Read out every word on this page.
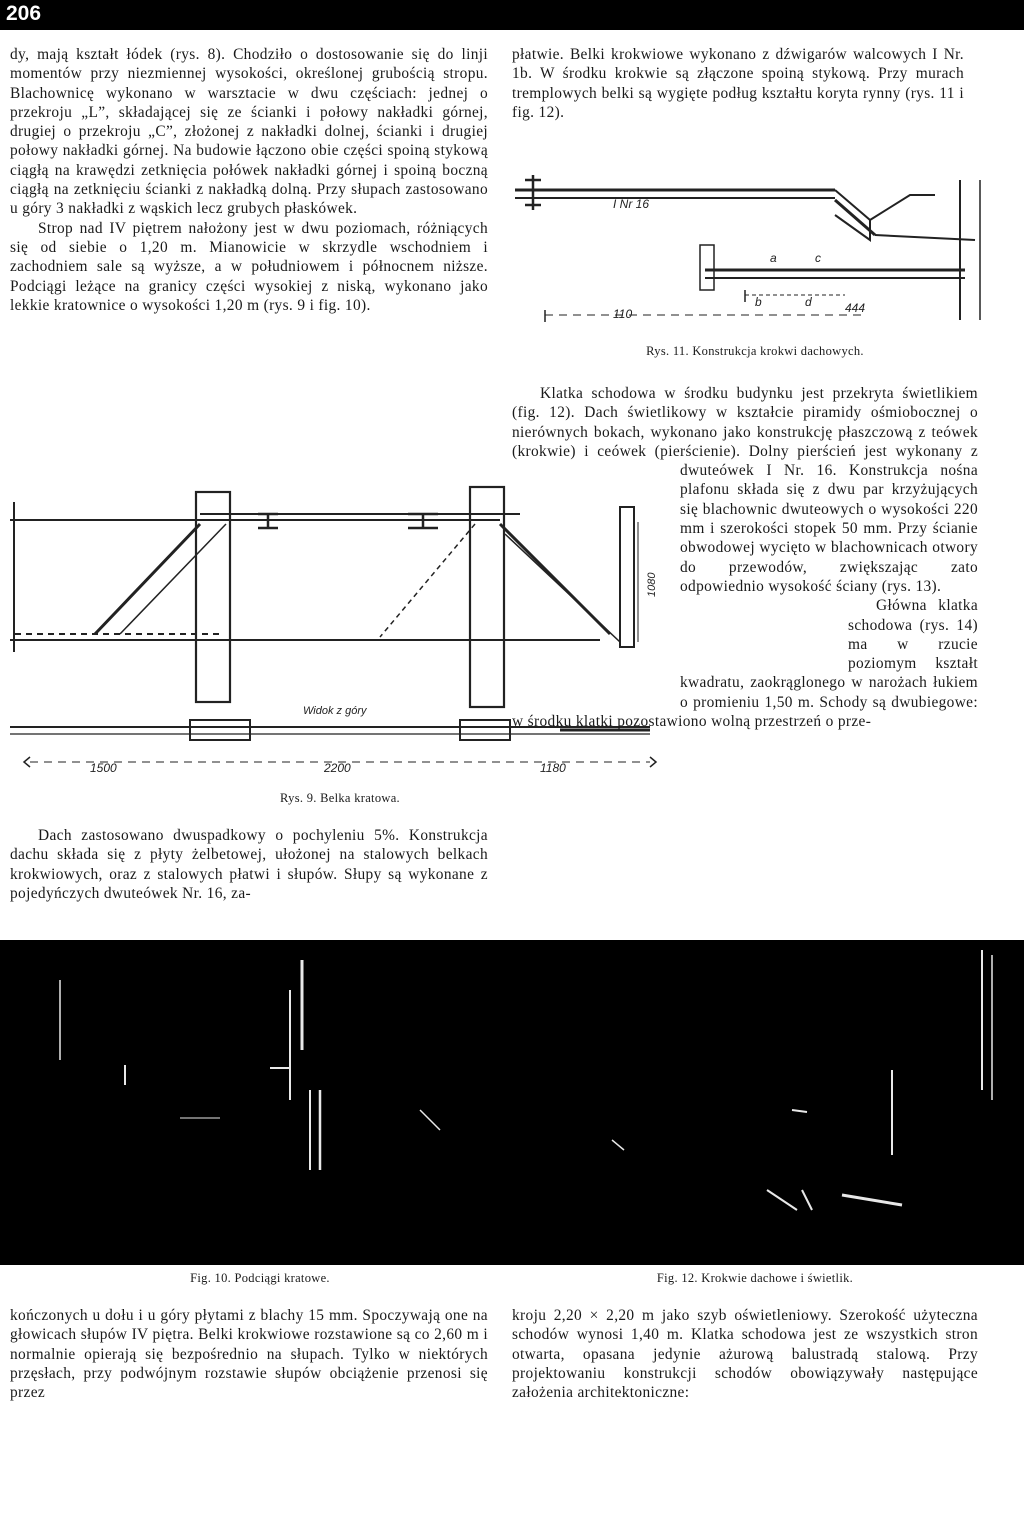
206

dy, mają kształt łódek (rys. 8). Chodziło o dostosowanie się do linji momentów przy niezmiennej wysokości, określonej grubością stropu. Blachownicę wykonano w warsztacie w dwu częściach: jednej o przekroju „L”, składającej się ze ścianki i połowy nakładki górnej, drugiej o przekroju „C”, złożonej z nakładki dolnej, ścianki i drugiej połowy nakładki górnej. Na budowie łączono obie części spoiną stykową ciągłą na krawędzi zetknięcia połówek nakładki górnej i spoiną boczną ciągłą na zetknięciu ścianki z nakładką dolną. Przy słupach zastosowano u góry 3 nakładki z wąskich lecz grubych płaskówek.

Strop nad IV piętrem nałożony jest w dwu poziomach, różniących się od siebie o 1,20 m. Mianowicie w skrzydle wschodniem i zachodniem sale są wyższe, a w południowem i północnem niższe. Podciągi leżące na granicy części wysokiej z niską, wykonano jako lekkie kratownice o wysokości 1,20 m (rys. 9 i fig. 10).

Widok z góry
1500	2200	1180
1080
Rys. 9. Belka kratowa.

Dach zastosowano dwuspadkowy o pochyleniu 5%. Konstrukcja dachu składa się z płyty żelbetowej, ułożonej na stalowych belkach krokwiowych, oraz z stalowych płatwi i słupów. Słupy są wykonane z pojedyńczych dwuteówek Nr. 16, za-

płatwie. Belki krokwiowe wykonano z dźwigarów walcowych I Nr. 1b. W środku krokwie są złączone spoiną stykową. Przy murach tremplowych belki są wygięte podług kształtu koryta rynny (rys. 11 i fig. 12).

I Nr 16
110	444
a
b
c
d
Rys. 11. Konstrukcja krokwi dachowych.

Klatka schodowa w środku budynku jest przekryta świetlikiem (fig. 12). Dach świetlikowy w kształcie piramidy ośmiobocznej o nierównych bokach, wykonano jako konstrukcję płaszczową z teówek (krokwie) i ceówek (pierścienie). Dolny pierścień jest wykonany z dwuteówek I Nr. 16. Konstrukcja nośna plafonu składa się z dwu par krzyżujących się blachownic dwuteowych o wysokości 220 mm i szerokości stopek 50 mm. Przy ścianie obwodowej wycięto w blachownicach otwory do przewodów, zwiększając zato odpowiednio wysokość ściany (rys. 13).

Główna klatka schodowa (rys. 14) ma w rzucie poziomym kształt kwadratu, zaokrąglonego w narożach łukiem o promieniu 1,50 m. Schody są dwubiegowe: w środku klatki pozostawiono wolną przestrzeń o prze-

Fig. 10. Podciągi kratowe.	Fig. 12. Krokwie dachowe i świetlik.

kończonych u dołu i u góry płytami z blachy 15 mm. Spoczywają one na głowicach słupów IV piętra. Belki krokwiowe rozstawione są co 2,60 m i normalnie opierają się bezpośrednio na słupach. Tylko w niektórych przęsłach, przy podwójnym rozstawie słupów obciążenie przenosi się przez

kroju 2,20 × 2,20 m jako szyb oświetleniowy. Szerokość użyteczna schodów wynosi 1,40 m. Klatka schodowa jest ze wszystkich stron otwarta, opasana jedynie ażurową balustradą stalową. Przy projektowaniu konstrukcji schodów obowiązywały następujące założenia architektoniczne:
